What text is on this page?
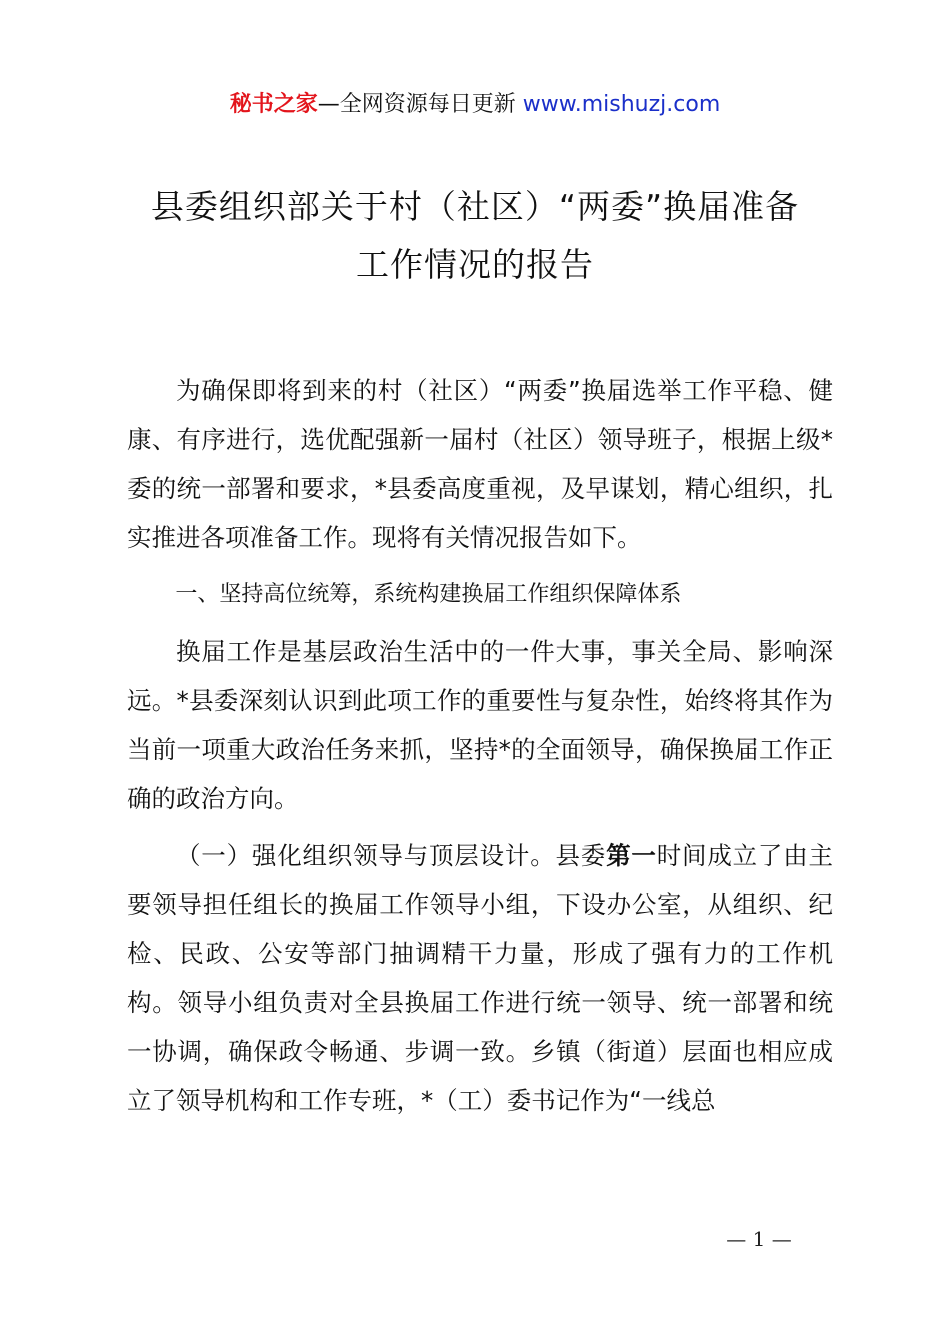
秘书之家—全网资源每日更新 www.mishuzj.com
县委组织部关于村（社区）“两委”换届准备
工作情况的报告

为确保即将到来的村（社区）“两委”换届选举工作平稳、健康、有序进行，选优配强新一届村（社区）领导班子，根据上级*委的统一部署和要求，*县委高度重视，及早谋划，精心组织，扎实推进各项准备工作。现将有关情况报告如下。

一、坚持高位统筹，系统构建换届工作组织保障体系

换届工作是基层政治生活中的一件大事，事关全局、影响深远。*县委深刻认识到此项工作的重要性与复杂性，始终将其作为当前一项重大政治任务来抓，坚持*的全面领导，确保换届工作正确的政治方向。

（一）强化组织领导与顶层设计。县委第一时间成立了由主要领导担任组长的换届工作领导小组，下设办公室，从组织、纪检、民政、公安等部门抽调精干力量，形成了强有力的工作机构。领导小组负责对全县换届工作进行统一领导、统一部署和统一协调，确保政令畅通、步调一致。乡镇（街道）层面也相应成立了领导机构和工作专班，*（工）委书记作为“一线总

— 1 —
